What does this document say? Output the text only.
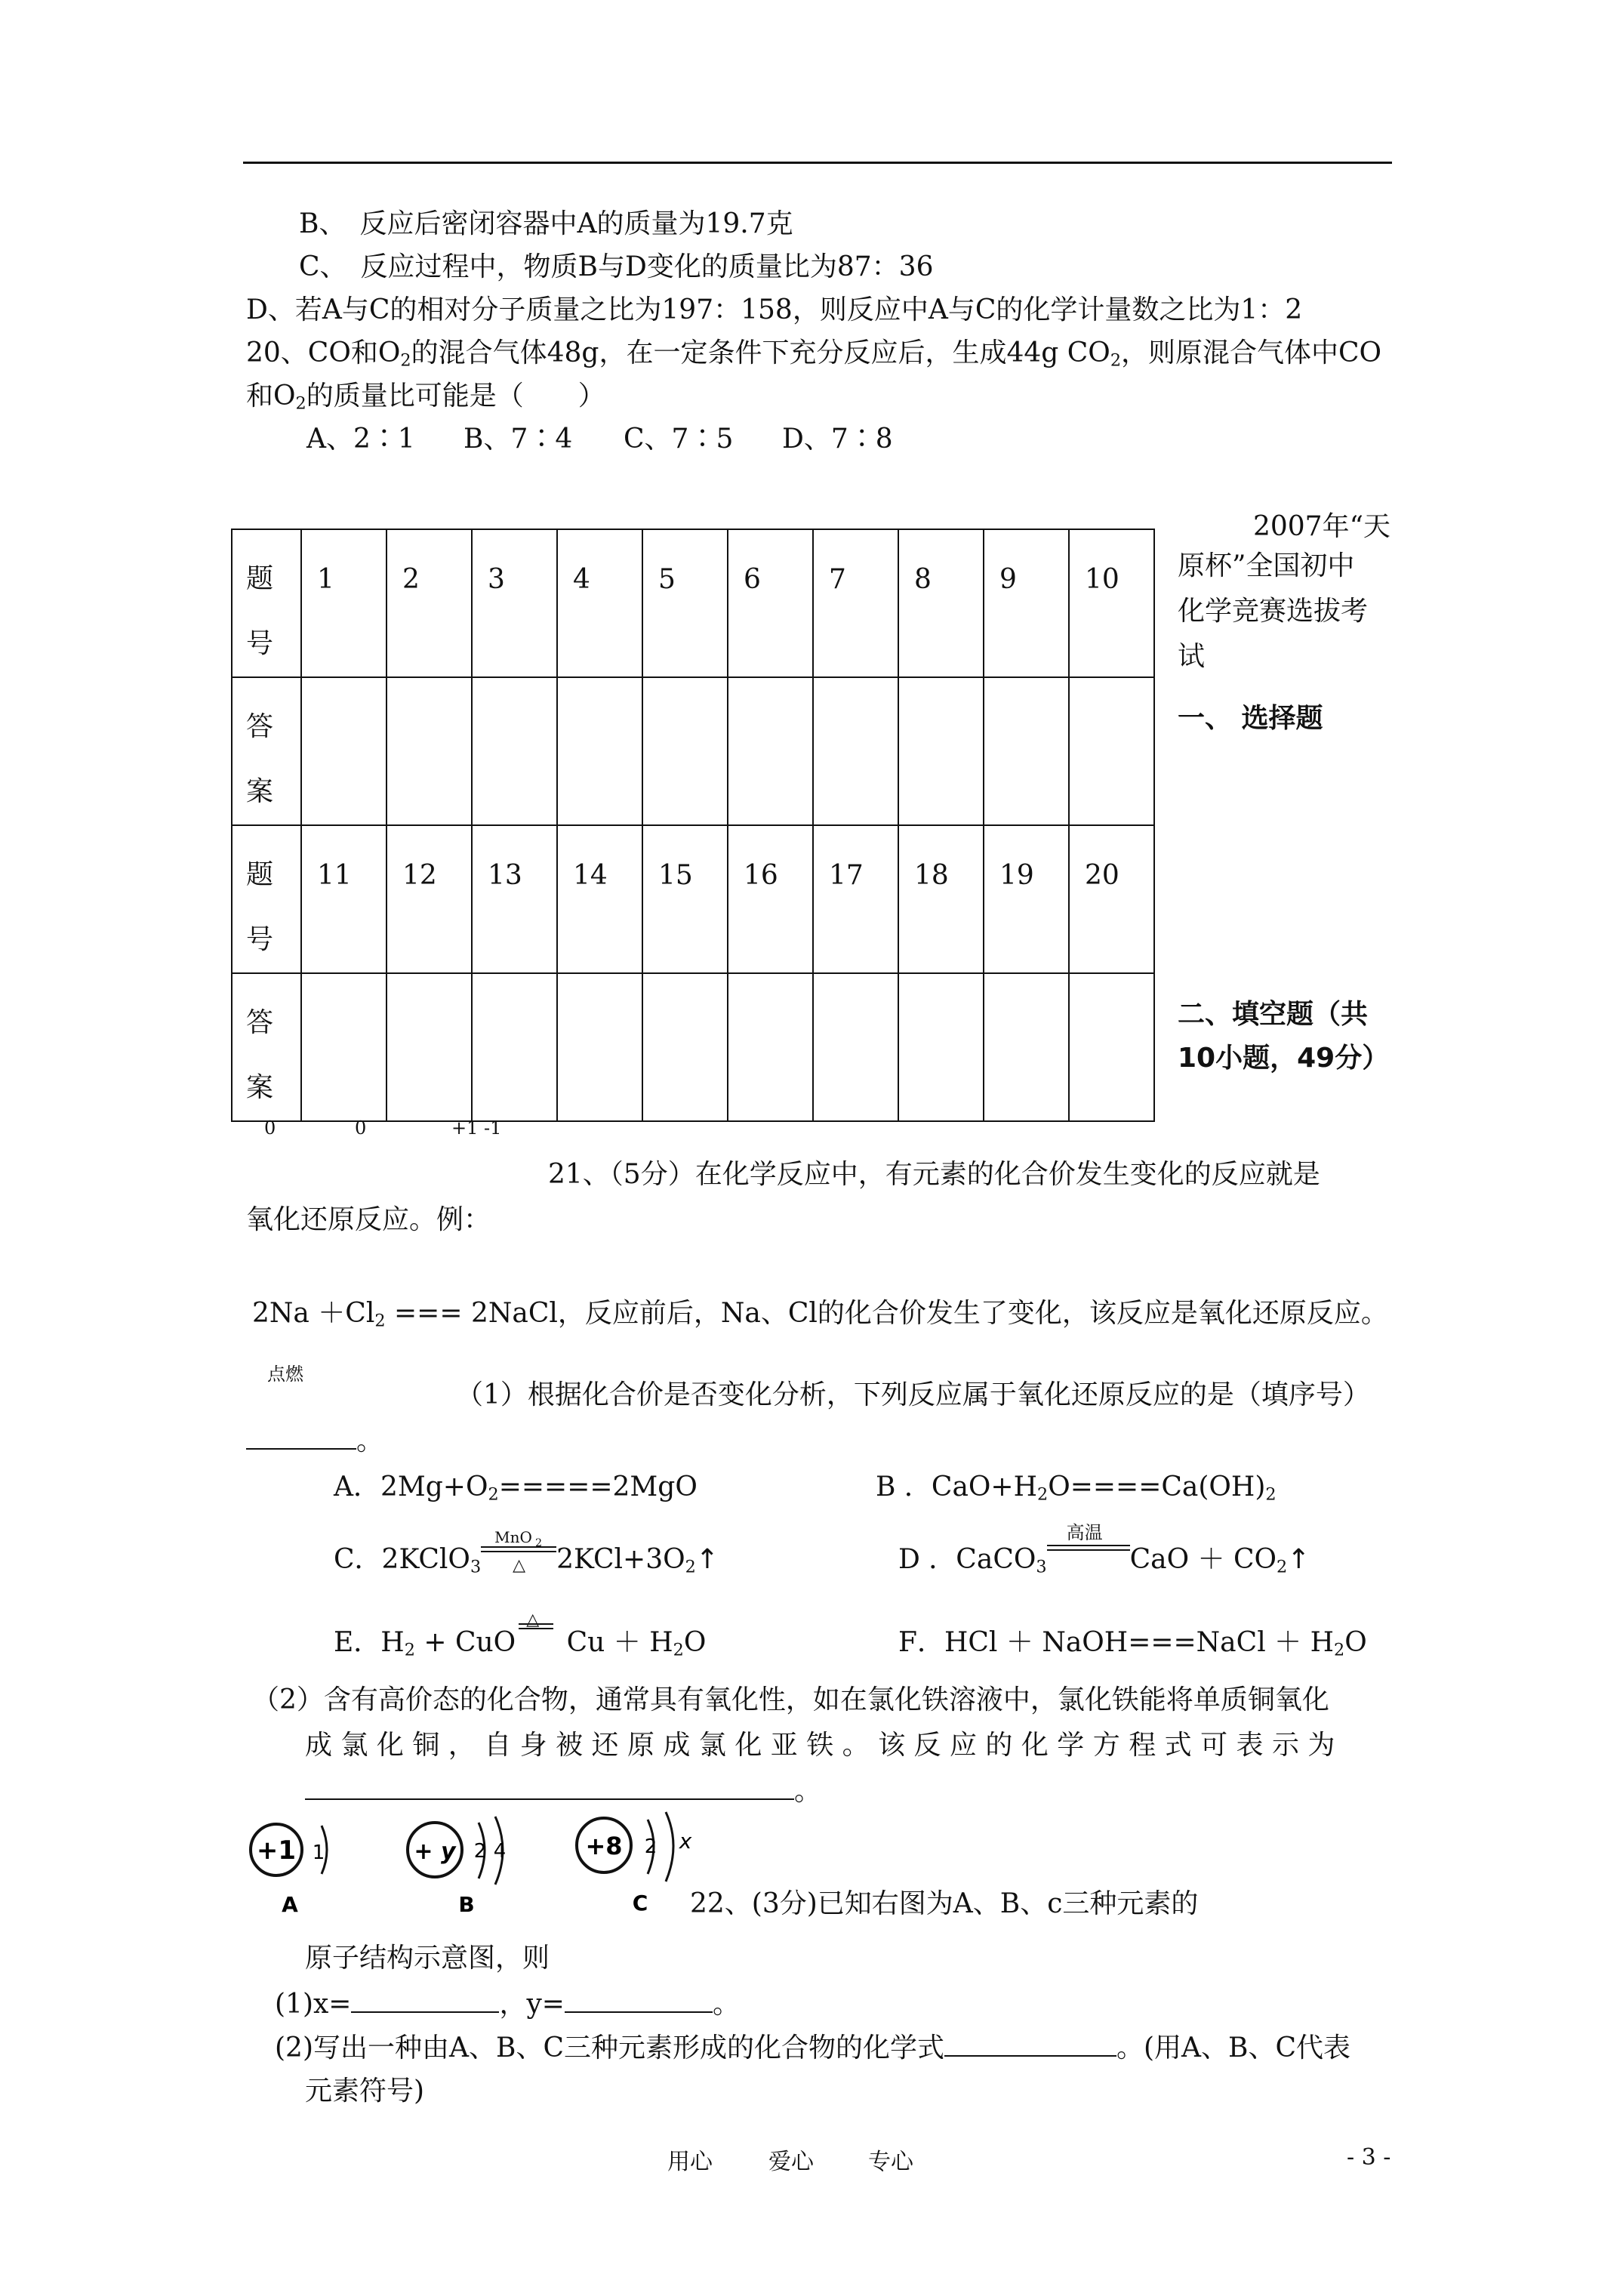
B、　反应后密闭容器中A的质量为19.7克
C、　反应过程中，物质B与D变化的质量比为87：36
D、若A与C的相对分子质量之比为197：158，则反应中A与C的化学计量数之比为1：2
20、CO和$O_2$的混合气体48g，在一定条件下充分反应后，生成44g $CO_2$，则原混合气体中CO
和$O_2$的质量比可能是（　　）
A、2∶1 B、7∶4 C、7∶5 D、7∶8
题
号	1	2	3	4	5	6	7	8	9	10
答
案										
题
号	11	12	13	14	15	16	17	18	19	20
答
案										
2007年“天
原杯”全国初中
化学竞赛选拔考
试
一、 选择题
二、填空题（共
10小题，49分）
0	0	+1 -1
21、（5分）在化学反应中，有元素的化合价发生变化的反应就是
氧化还原反应。例：
$2Na +Cl_2$ === 2NaCl，反应前后，Na、Cl的化合价发生了变化，该反应是氧化还原反应。
点燃
（1）根据化合价是否变化分析，下列反应属于氧化还原反应的是（填序号）
。
A．$2Mg+O_2=====2MgO$	B ．$CaO+H_2O====Ca(OH)_2$
C．2KClO$_3$
MnO 2
△ $2KCl+3O_2↑$	D ．CaCO$_3$
高温
CaO ＋ $CO_2↑$
E．$H_2$ + CuO
△
$Cu + H_2O$	F．HCl ＋ NaOH===NaCl ＋ $H_2O$
（2）含有高价态的化合物，通常具有氧化性，如在氯化铁溶液中，氯化铁能将单质铜氧化
成 氯 化 铜 ， 自 身 被 还 原 成 氯 化 亚 铁 。 该 反 应 的 化 学 方 程 式 可 表 示 为
。
+1 1
A
+ y 2 4
B
+8 2 x
C 22、(3分)已知右图为A、B、c三种元素的
原子结构示意图，则
(1)x=	，y=	。
(2)写出一种由A、B、C三种元素形成的化合物的化学式	。(用A、B、C代表
元素符号)
用心 爱心 专心	- 3 -
